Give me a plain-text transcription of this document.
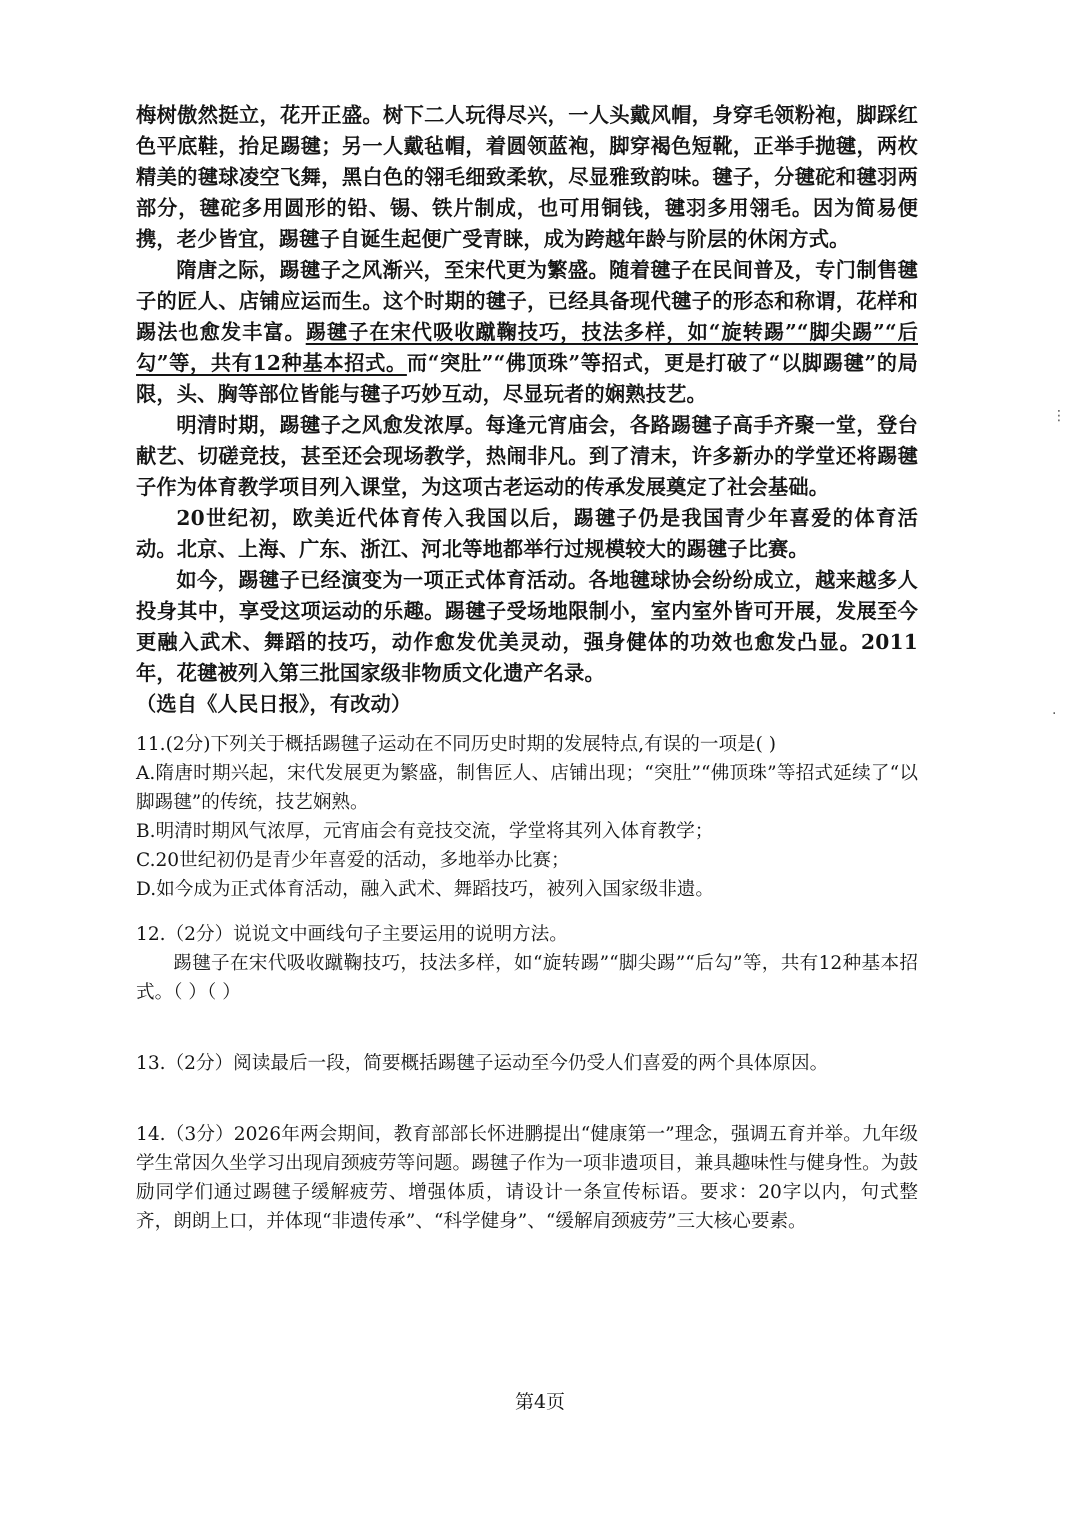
梅树傲然挺立，花开正盛。树下二人玩得尽兴，一人头戴风帽，身穿毛领粉袍，脚踩红色平底鞋，抬足踢毽；另一人戴毡帽，着圆领蓝袍，脚穿褐色短靴，正举手抛毽，两枚精美的毽球凌空飞舞，黑白色的翎毛细致柔软，尽显雅致韵味。毽子，分毽砣和毽羽两部分，毽砣多用圆形的铅、锡、铁片制成，也可用铜钱，毽羽多用翎毛。因为简易便携，老少皆宜，踢毽子自诞生起便广受青睐，成为跨越年龄与阶层的休闲方式。

隋唐之际，踢毽子之风渐兴，至宋代更为繁盛。随着毽子在民间普及，专门制售毽子的匠人、店铺应运而生。这个时期的毽子，已经具备现代毽子的形态和称谓，花样和踢法也愈发丰富。踢毽子在宋代吸收蹴鞠技巧，技法多样，如“旋转踢”“脚尖踢”“后勾”等，共有12种基本招式。而“突肚”“佛顶珠”等招式，更是打破了“以脚踢毽”的局限，头、胸等部位皆能与毽子巧妙互动，尽显玩者的娴熟技艺。

明清时期，踢毽子之风愈发浓厚。每逢元宵庙会，各路踢毽子高手齐聚一堂，登台献艺、切磋竞技，甚至还会现场教学，热闹非凡。到了清末，许多新办的学堂还将踢毽子作为体育教学项目列入课堂，为这项古老运动的传承发展奠定了社会基础。

20世纪初，欧美近代体育传入我国以后，踢毽子仍是我国青少年喜爱的体育活动。北京、上海、广东、浙江、河北等地都举行过规模较大的踢毽子比赛。

如今，踢毽子已经演变为一项正式体育活动。各地毽球协会纷纷成立，越来越多人投身其中，享受这项运动的乐趣。踢毽子受场地限制小，室内室外皆可开展，发展至今更融入武术、舞蹈的技巧，动作愈发优美灵动，强身健体的功效也愈发凸显。2011年，花毽被列入第三批国家级非物质文化遗产名录。

（选自《人民日报》，有改动）

11.(2分)下列关于概括踢毽子运动在不同历史时期的发展特点,有误的一项是( )

A.隋唐时期兴起，宋代发展更为繁盛，制售匠人、店铺出现；“突肚”“佛顶珠”等招式延续了“以脚踢毽”的传统，技艺娴熟。
B.明清时期风气浓厚，元宵庙会有竞技交流，学堂将其列入体育教学；
C.20世纪初仍是青少年喜爱的活动，多地举办比赛；
D.如今成为正式体育活动，融入武术、舞蹈技巧，被列入国家级非遗。

12.（2分）说说文中画线句子主要运用的说明方法。

踢毽子在宋代吸收蹴鞠技巧，技法多样，如“旋转踢”“脚尖踢”“后勾”等，共有12种基本招式。（ ）（ ）

13.（2分）阅读最后一段，简要概括踢毽子运动至今仍受人们喜爱的两个具体原因。

14.（3分）2026年两会期间，教育部部长怀进鹏提出“健康第一”理念，强调五育并举。九年级学生常因久坐学习出现肩颈疲劳等问题。踢毽子作为一项非遗项目，兼具趣味性与健身性。为鼓励同学们通过踢毽子缓解疲劳、增强体质，请设计一条宣传标语。要求：20字以内，句式整齐，朗朗上口，并体现“非遗传承”、“科学健身”、“缓解肩颈疲劳”三大核心要素。

⋮
·
第4页
